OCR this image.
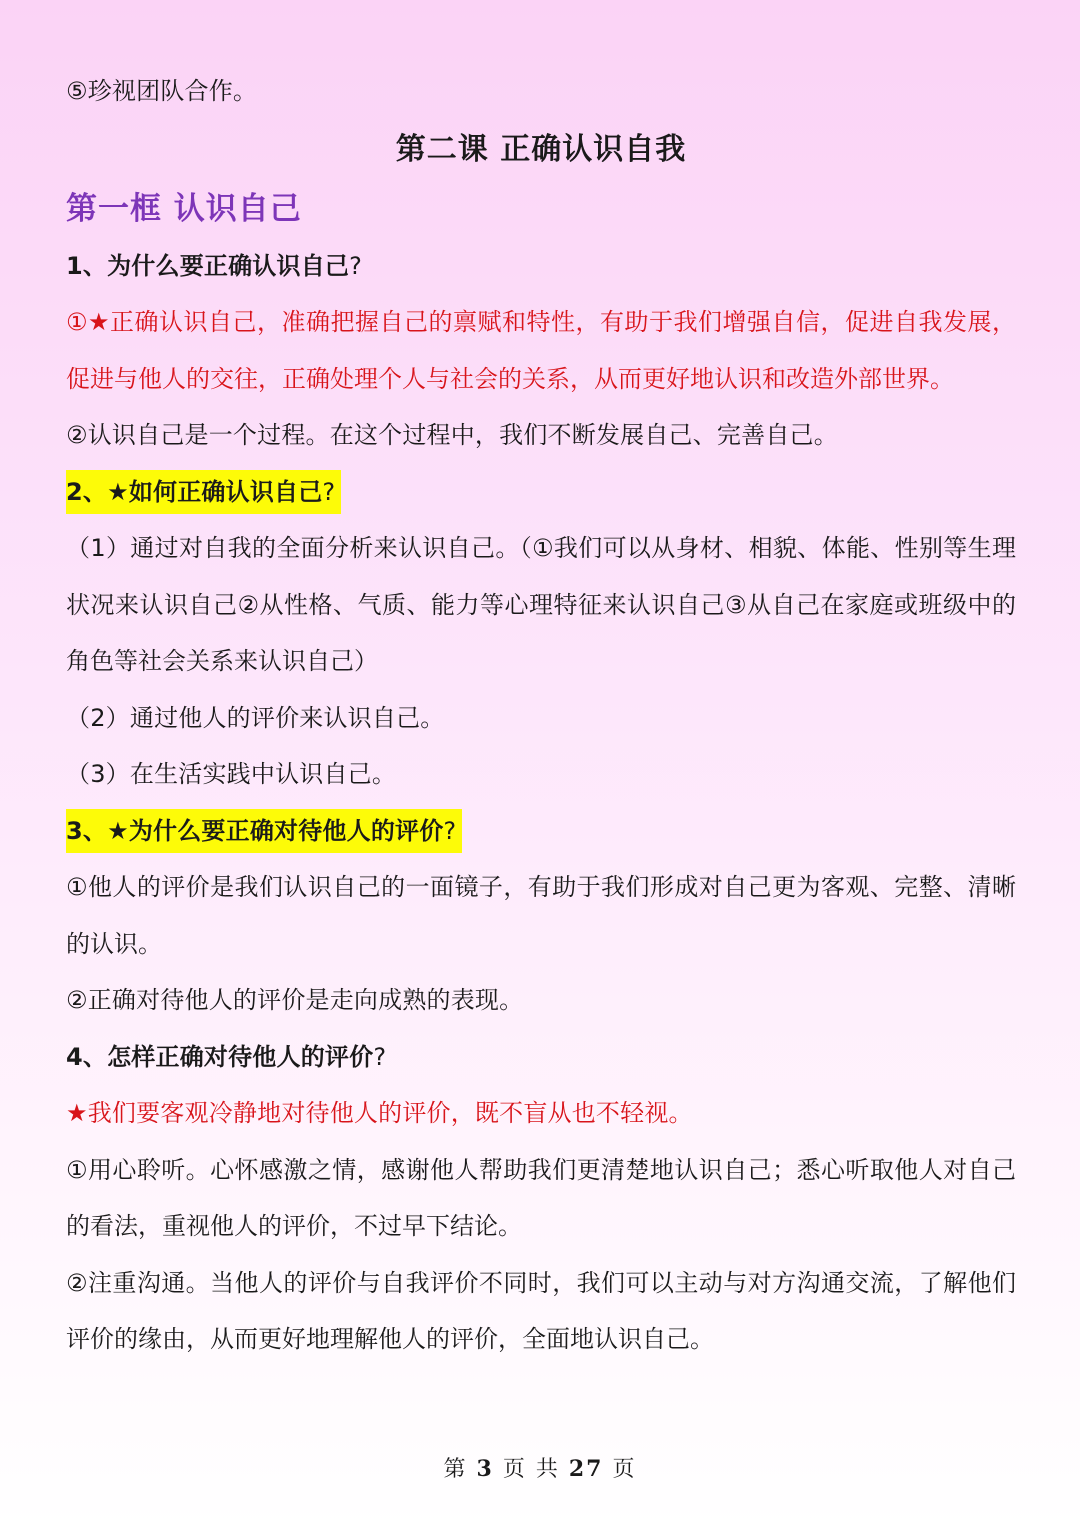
⑤珍视团队合作。
第二课 正确认识自我
第一框 认识自己
1、为什么要正确认识自己?
①★正确认识自己，准确把握自己的禀赋和特性，有助于我们增强自信，促进自我发展，促进与他人的交往，正确处理个人与社会的关系，从而更好地认识和改造外部世界。
②认识自己是一个过程。在这个过程中，我们不断发展自己、完善自己。
2、★如何正确认识自己?
（1）通过对自我的全面分析来认识自己。（①我们可以从身材、相貌、体能、性别等生理状况来认识自己②从性格、气质、能力等心理特征来认识自己③从自己在家庭或班级中的角色等社会关系来认识自己）
（2）通过他人的评价来认识自己。
（3）在生活实践中认识自己。
3、★为什么要正确对待他人的评价?
①他人的评价是我们认识自己的一面镜子，有助于我们形成对自己更为客观、完整、清晰的认识。
②正确对待他人的评价是走向成熟的表现。
4、怎样正确对待他人的评价?
★我们要客观冷静地对待他人的评价，既不盲从也不轻视。
①用心聆听。心怀感激之情，感谢他人帮助我们更清楚地认识自己；悉心听取他人对自己的看法，重视他人的评价，不过早下结论。
②注重沟通。当他人的评价与自我评价不同时，我们可以主动与对方沟通交流，了解他们评价的缘由，从而更好地理解他人的评价，全面地认识自己。
第 3 页 共 27 页
